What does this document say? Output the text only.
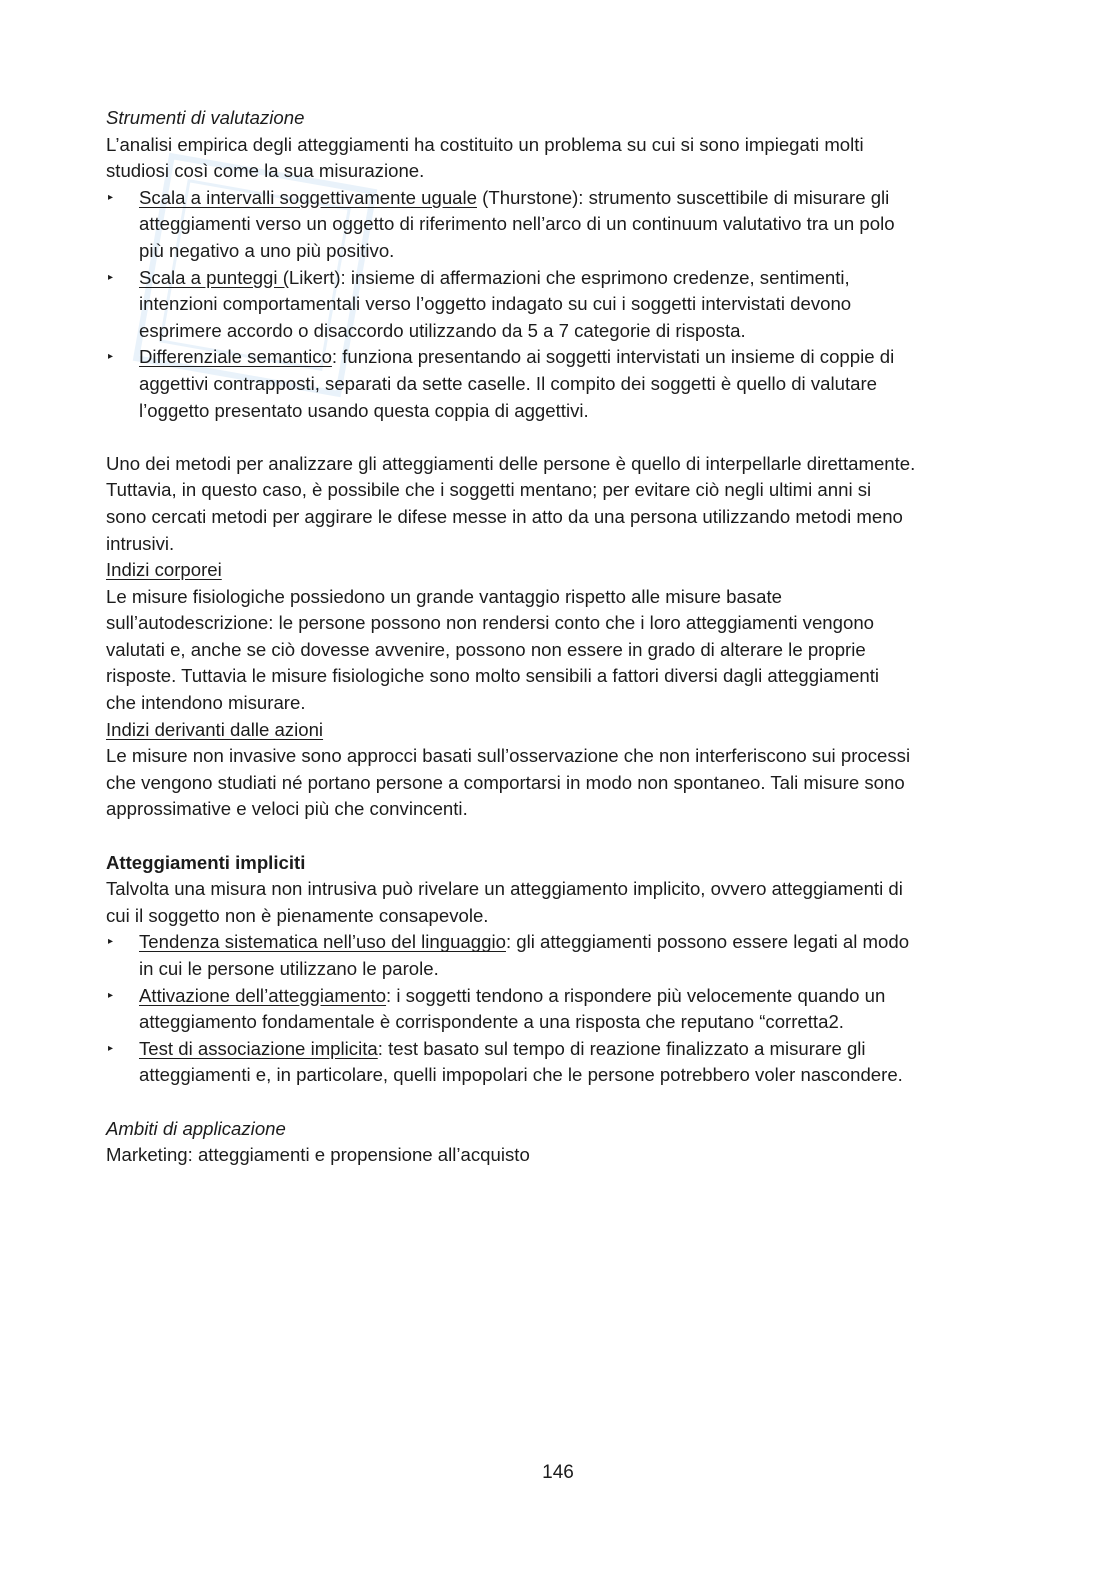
Strumenti di valutazione
L’analisi empirica degli atteggiamenti ha costituito un problema su cui si sono impiegati molti
studiosi così come la sua misurazione.
▸ Scala a intervalli soggettivamente uguale (Thurstone): strumento suscettibile di misurare gli
atteggiamenti verso un oggetto di riferimento nell’arco di un continuum valutativo tra un polo
più negativo a uno più positivo.
▸ Scala a punteggi (Likert): insieme di affermazioni che esprimono credenze, sentimenti,
intenzioni comportamentali verso l’oggetto indagato su cui i soggetti intervistati devono
esprimere accordo o disaccordo utilizzando da 5 a 7 categorie di risposta.
▸ Differenziale semantico: funziona presentando ai soggetti intervistati un insieme di coppie di
aggettivi contrapposti, separati da sette caselle. Il compito dei soggetti è quello di valutare
l’oggetto presentato usando questa coppia di aggettivi.
Uno dei metodi per analizzare gli atteggiamenti delle persone è quello di interpellarle direttamente.
Tuttavia, in questo caso, è possibile che i soggetti mentano; per evitare ciò negli ultimi anni si
sono cercati metodi per aggirare le difese messe in atto da una persona utilizzando metodi meno
intrusivi.
Indizi corporei
Le misure fisiologiche possiedono un grande vantaggio rispetto alle misure basate
sull’autodescrizione: le persone possono non rendersi conto che i loro atteggiamenti vengono
valutati e, anche se ciò dovesse avvenire, possono non essere in grado di alterare le proprie
risposte. Tuttavia le misure fisiologiche sono molto sensibili a fattori diversi dagli atteggiamenti
che intendono misurare.
Indizi derivanti dalle azioni
Le misure non invasive sono approcci basati sull’osservazione che non interferiscono sui processi
che vengono studiati né portano persone a comportarsi in modo non spontaneo. Tali misure sono
approssimative e veloci più che convincenti.
Atteggiamenti impliciti
Talvolta una misura non intrusiva può rivelare un atteggiamento implicito, ovvero atteggiamenti di
cui il soggetto non è pienamente consapevole.
▸ Tendenza sistematica nell’uso del linguaggio: gli atteggiamenti possono essere legati al modo
in cui le persone utilizzano le parole.
▸ Attivazione dell’atteggiamento: i soggetti tendono a rispondere più velocemente quando un
atteggiamento fondamentale è corrispondente a una risposta che reputano “corretta2.
▸ Test di associazione implicita: test basato sul tempo di reazione finalizzato a misurare gli
atteggiamenti e, in particolare, quelli impopolari che le persone potrebbero voler nascondere.
Ambiti di applicazione
Marketing: atteggiamenti e propensione all’acquisto
146
